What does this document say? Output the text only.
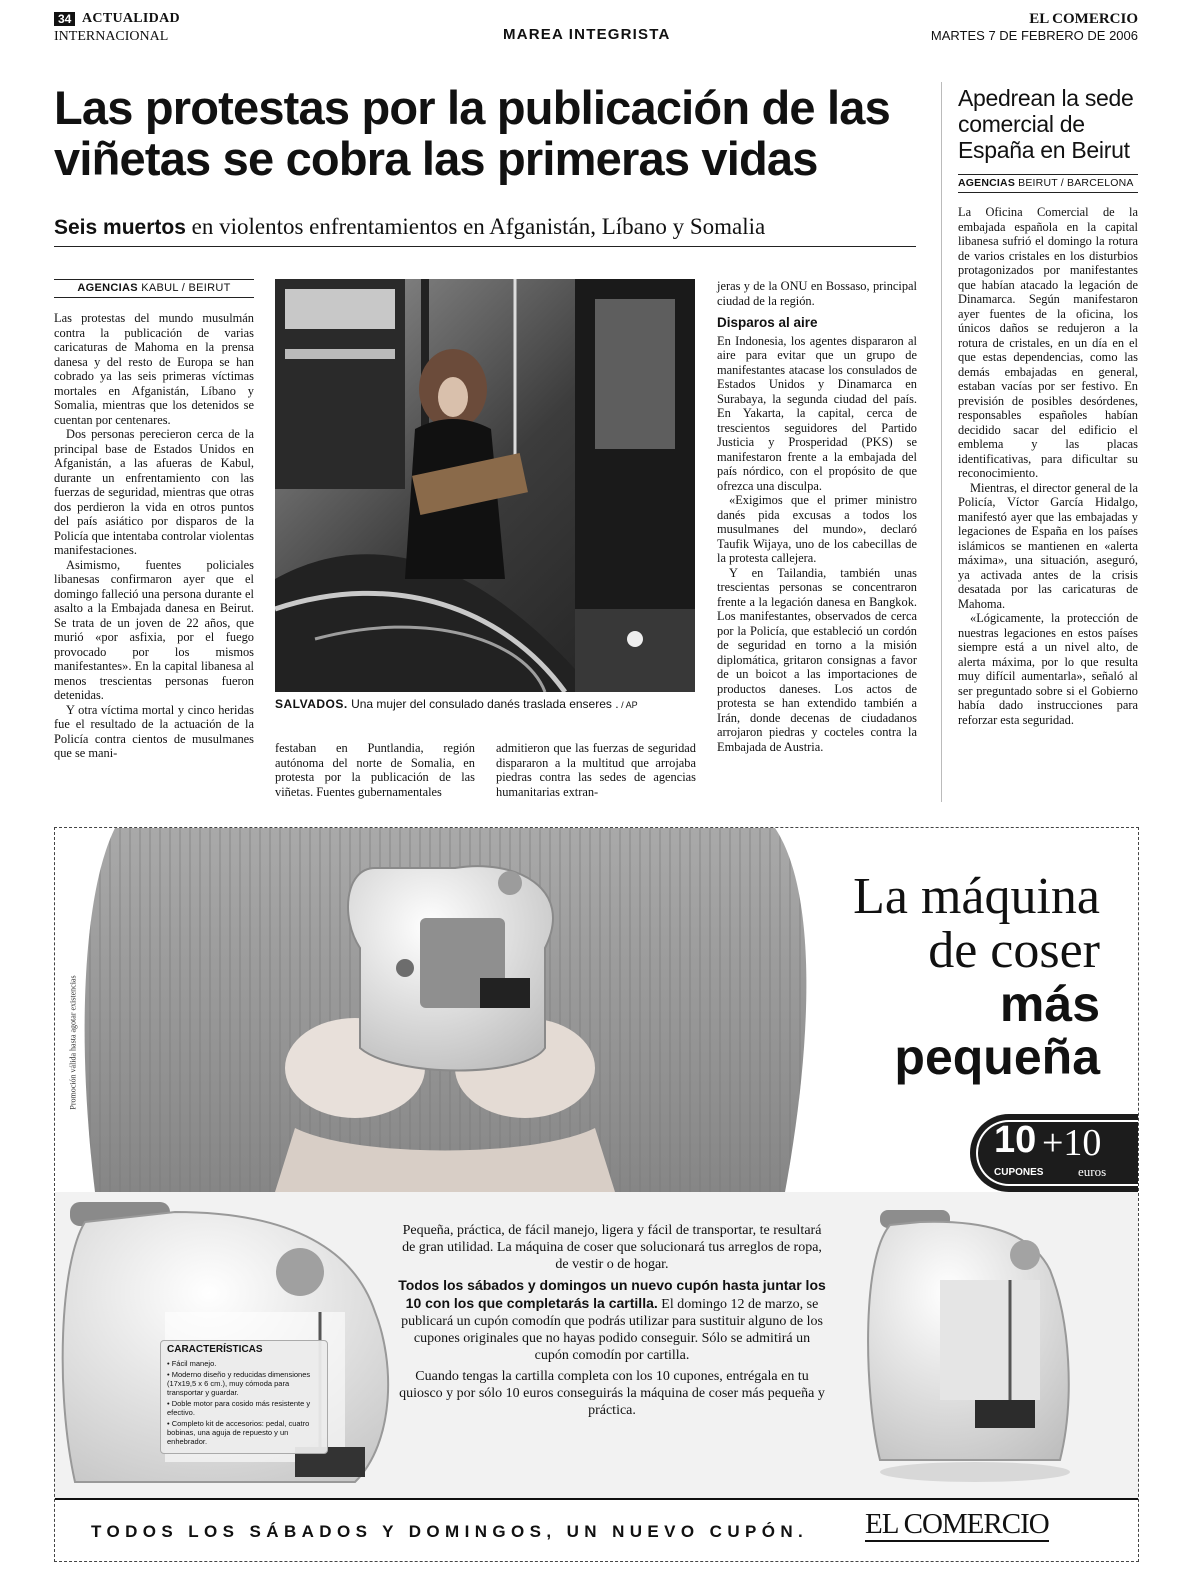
34 ACTUALIDAD
INTERNACIONAL	MAREA INTEGRISTA
EL COMERCIO
MARTES 7 DE FEBRERO DE 2006
Las protestas por la publicación de las viñetas se cobra las primeras vidas
Seis muertos en violentos enfrentamientos en Afganistán, Líbano y Somalia
AGENCIAS KABUL / BEIRUT

Las protestas del mundo musulmán contra la publicación de varias caricaturas de Mahoma en la prensa danesa y del resto de Europa se han cobrado ya las seis primeras víctimas mortales en Afganistán, Líbano y Somalia, mientras que los detenidos se cuentan por centenares.

Dos personas perecieron cerca de la principal base de Estados Unidos en Afganistán, a las afueras de Kabul, durante un enfrentamiento con las fuerzas de seguridad, mientras que otras dos perdieron la vida en otros puntos del país asiático por disparos de la Policía que intentaba controlar violentas manifestaciones.

Asimismo, fuentes policiales libanesas confirmaron ayer que el domingo falleció una persona durante el asalto a la Embajada danesa en Beirut. Se trata de un joven de 22 años, que murió «por asfixia, por el fuego provocado por los mismos manifestantes». En la capital libanesa al menos trescientas personas fueron detenidas.

Y otra víctima mortal y cinco heridas fue el resultado de la actuación de la Policía contra cientos de musulmanes que se mani-

SALVADOS. Una mujer del consulado danés traslada enseres . / AP

festaban en Puntlandia, región autónoma del norte de Somalia, en protesta por la publicación de las viñetas. Fuentes gubernamentales

admitieron que las fuerzas de seguridad dispararon a la multitud que arrojaba piedras contra las sedes de agencias humanitarias extran-

jeras y de la ONU en Bossaso, principal ciudad de la región.

Disparos al aire

En Indonesia, los agentes dispararon al aire para evitar que un grupo de manifestantes atacase los consulados de Estados Unidos y Dinamarca en Surabaya, la segunda ciudad del país. En Yakarta, la capital, cerca de trescientos seguidores del Partido Justicia y Prosperidad (PKS) se manifestaron frente a la embajada del país nórdico, con el propósito de que ofrezca una disculpa.

«Exigimos que el primer ministro danés pida excusas a todos los musulmanes del mundo», declaró Taufik Wijaya, uno de los cabecillas de la protesta callejera.

Y en Tailandia, también unas trescientas personas se concentraron frente a la legación danesa en Bangkok. Los manifestantes, observados de cerca por la Policía, que estableció un cordón de seguridad en torno a la misión diplomática, gritaron consignas a favor de un boicot a las importaciones de productos daneses. Los actos de protesta se han extendido también a Irán, donde decenas de ciudadanos arrojaron piedras y cocteles contra la Embajada de Austria.

Apedrean la sede comercial de España en Beirut
AGENCIAS BEIRUT / BARCELONA

La Oficina Comercial de la embajada española en la capital libanesa sufrió el domingo la rotura de varios cristales en los disturbios protagonizados por manifestantes que habían atacado la legación de Dinamarca. Según manifestaron ayer fuentes de la oficina, los únicos daños se redujeron a la rotura de cristales, en un día en el que estas dependencias, como las demás embajadas en general, estaban vacías por ser festivo. En previsión de posibles desórdenes, responsables españoles habían decidido sacar del edificio el emblema y las placas identificativas, para dificultar su reconocimiento.

Mientras, el director general de la Policía, Víctor García Hidalgo, manifestó ayer que las embajadas y legaciones de España en los países islámicos se mantienen en «alerta máxima», una situación, aseguró, ya activada antes de la crisis desatada por las caricaturas de Mahoma.

«Lógicamente, la protección de nuestras legaciones en estos países siempre está a un nivel alto, de alerta máxima, por lo que resulta muy difícil aumentarla», señaló al ser preguntado sobre si el Gobierno había dado instrucciones para reforzar esta seguridad.

La máquina
de coser
más
pequeña
10 +10
CUPONES	euros
Promoción válida hasta agotar existencias
CARACTERÍSTICAS
• Fácil manejo.
• Moderno diseño y reducidas dimensiones (17x19,5 x 6 cm.), muy cómoda para transportar y guardar.
• Doble motor para cosido más resistente y efectivo.
• Completo kit de accesorios: pedal, cuatro bobinas, una aguja de repuesto y un enhebrador.
Pequeña, práctica, de fácil manejo, ligera y fácil de transportar, te resultará de gran utilidad. La máquina de coser que solucionará tus arreglos de ropa, de vestir o de hogar.
Todos los sábados y domingos un nuevo cupón hasta juntar los 10 con los que completarás la cartilla. El domingo 12 de marzo, se publicará un cupón comodín que podrás utilizar para sustituir alguno de los cupones originales que no hayas podido conseguir. Sólo se admitirá un cupón comodín por cartilla.
Cuando tengas la cartilla completa con los 10 cupones, entrégala en tu quiosco y por sólo 10 euros conseguirás la máquina de coser más pequeña y práctica.
TODOS LOS SÁBADOS Y DOMINGOS, UN NUEVO CUPÓN. EL COMERCIO
